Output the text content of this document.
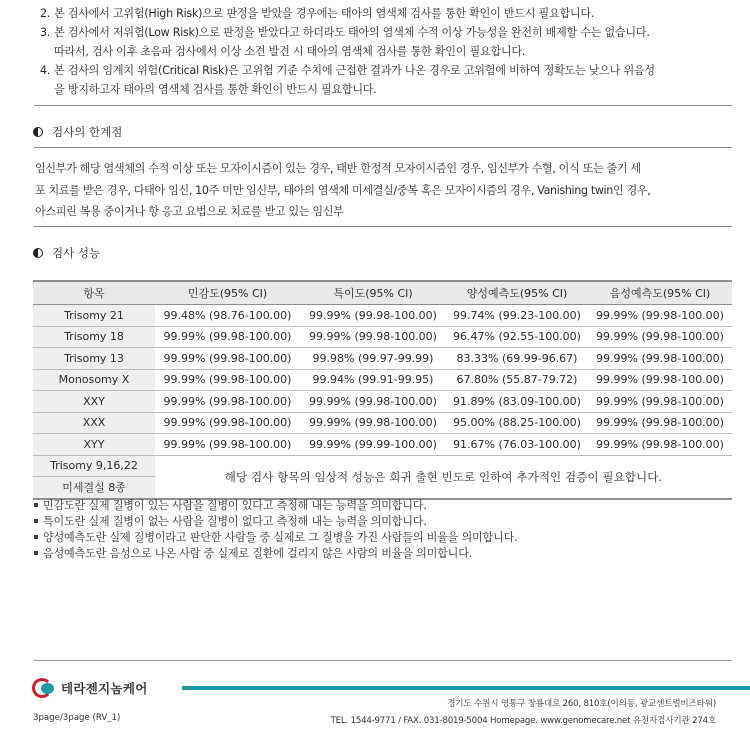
2. 본 검사에서 고위험(High Risk)으로 판정을 받았을 경우에는 태아의 염색체 검사를 통한 확인이 반드시 필요합니다.
3. 본 검사에서 저위험(Low Risk)으로 판정을 받았다고 하더라도 태아의 염색체 수적 이상 가능성을 완전히 배제할 수는 없습니다.
따라서, 검사 이후 초음파 검사에서 이상 소견 발견 시 태아의 염색체 검사를 통한 확인이 필요합니다.
4. 본 검사의 임계치 위험(Critical Risk)은 고위험 기준 수치에 근접한 결과가 나온 경우로 고위험에 비하여 정확도는 낮으나 위음성
을 방지하고자 태아의 염색체 검사를 통한 확인이 반드시 필요합니다.
검사의 한계점
임신부가 해당 염색체의 수적 이상 또는 모자이시즘이 있는 경우, 태반 한정적 모자이시즘인 경우, 임신부가 수혈, 이식 또는 줄기 세
포 치료를 받은 경우, 다태아 임신, 10주 미만 임신부, 태아의 염색체 미세결실/중복 혹은 모자이시즘의 경우, Vanishing twin인 경우,
아스피린 복용 중이거나 항 응고 요법으로 치료를 받고 있는 임신부
검사 성능
항목	민감도(95% CI)	특이도(95% CI)	양성예측도(95% CI)	음성예측도(95% CI)
Trisomy 21	99.48% (98.76-100.00)	99.99% (99.98-100.00)	99.74% (99.23-100.00)	99.99% (99.98-100.00)
Trisomy 18	99.99% (99.98-100.00)	99.99% (99.98-100.00)	96.47% (92.55-100.00)	99.99% (99.98-100.00)
Trisomy 13	99.99% (99.98-100.00)	99.98% (99.97-99.99)	83.33% (69.99-96.67)	99.99% (99.98-100.00)
Monosomy X	99.99% (99.98-100.00)	99.94% (99.91-99.95)	67.80% (55.87-79.72)	99.99% (99.98-100.00)
XXY	99.99% (99.98-100.00)	99.99% (99.98-100.00)	91.89% (83.09-100.00)	99.99% (99.98-100.00)
XXX	99.99% (99.98-100.00)	99.99% (99.98-100.00)	95.00% (88.25-100.00)	99.99% (99.98-100.00)
XYY	99.99% (99.98-100.00)	99.99% (99.99-100.00)	91.67% (76.03-100.00)	99.99% (99.98-100.00)
Trisomy 9,16,22	해당 검사 항목의 임상적 성능은 희귀 출현 빈도로 인하여 추가적인 검증이 필요합니다.			
미세결실 8종				
민감도란 실제 질병이 있는 사람을 질병이 있다고 측정해 내는 능력을 의미합니다.
특이도란 실제 질병이 없는 사람을 질병이 없다고 측정해 내는 능력을 의미합니다.
양성예측도란 실제 질병이라고 판단한 사람들 중 실제로 그 질병을 가진 사람들의 비율을 의미합니다.
음성예측도란 음성으로 나온 사람 중 실제로 질환에 걸리지 않은 사람의 비율을 의미합니다.
테라젠지놈케어
경기도 수원시 영통구 창룡대로 260, 810호(이의동, 광교센트럴비즈타워)
TEL. 1544-9771 / FAX. 031-8019-5004 Homepage. www.genomecare.net 유전자검사기관 274호
3page/3page (RV_1)
